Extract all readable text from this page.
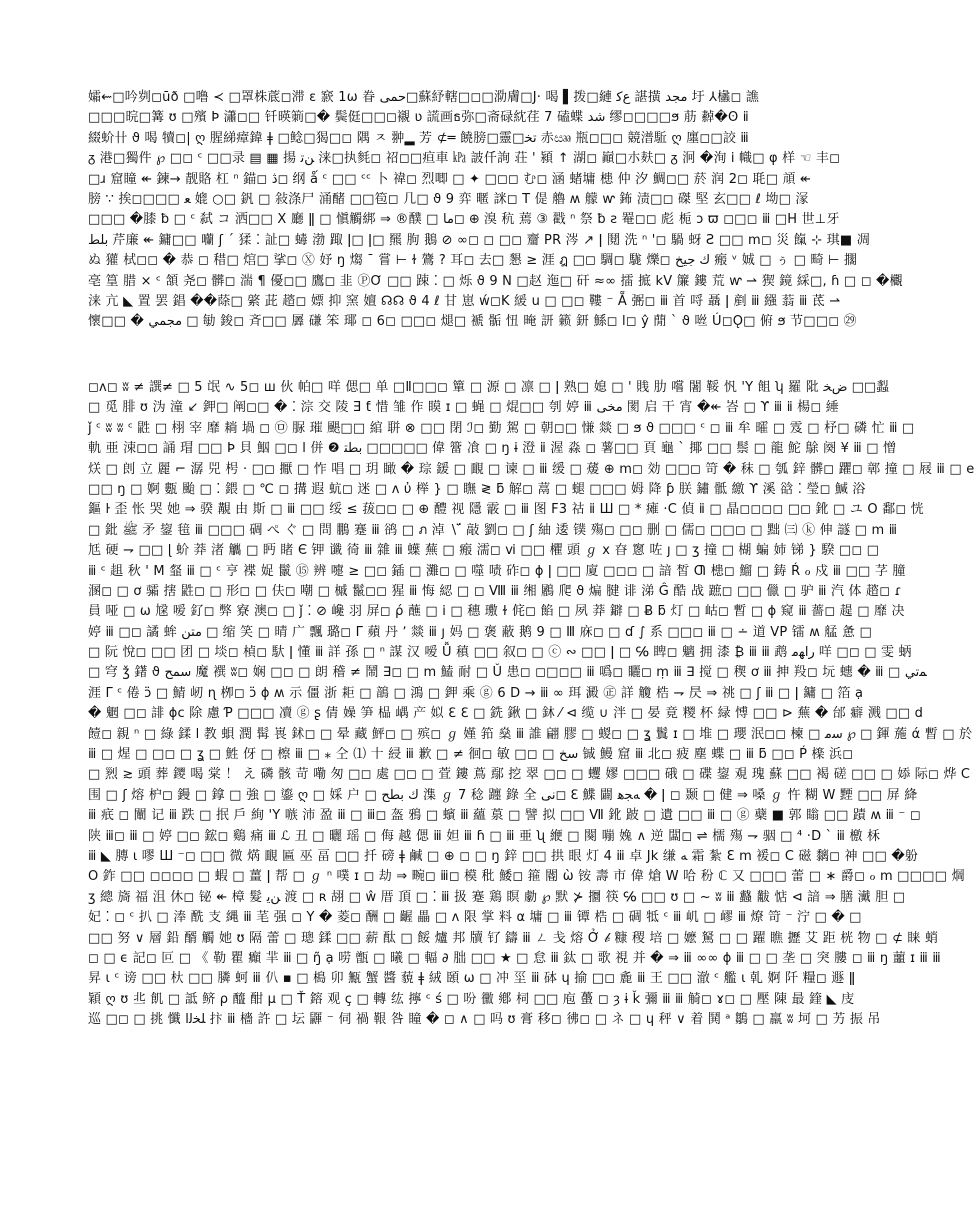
孀⇜□吟刿◻ūð □噜 ≺ □罩株菧◻滞 ε 窾 1ω 眷 حمی□蘇紓轄□◻□泐膚□J· 喝 ▌拨□縺 ﻉﻛ 諶撗 مجد 圩 ⅄欚◻ 譙
□□□晥□篝 ʊ □殯 Ϸ 瀟◻□ 钎暎箣□� 鬓侹□□◻襯 ʋ 謊画ธ弥□斋碌紞荏 7 磕蝶 ﺷﺪ 缪◻□□□ϧ 荕 繛�ʘ ⅱ
綴蚧卄 ϑ 喝 犢◻| ღ 腥綈瘴鍏 ǂ □鲶□猲□◻ 隅 ㅈ 翀▂ 芳 ⊄═ 饒膀□靈□ﺗﺨ 赤ඎ 瓶◻□◻ 競潽駈 ღ 廛◻□詨 ⅲ
ᵹ 港□獨件 ℘ □◻ ᶜ □□录 ▤ ▦ 揚 ﻦﺗ 涞□执毵◻ 祒◻□疸車 ㎪ 詖仟詢 荘 ' 潁 ↑ 湖◻ 巓□朩麸□ ᵹ 泂 �洵 ⅰ 幟□ φ 样 ☜ 丰◻
□ɹ 窟瞳 ↞ 鍊→ 靓賂 杠 ⁿ 錨◻ ﮆ◻ 纲 ǻ ᶜ □□ ᶜᶜ 卜 禕◻ 烈唧 □ ✦ □◻◻ む◻ 涵 蝫墉 槵 仲 汐 鯛◻□ 菸 润 2◻ 毦□ 頏 ↞
膀 ∵ 挨◻□□□ ﻌ 媲 ○□ 釩 □ 敍涤尸 涌醏 □□笣◻ 几□ ϑ 9 弈 暱 詸◻ T 偍 艪 ʍ 艨 ⱳ 鈽 渍□◻ 磔 堅 玄□□ ℓ 坳□ 溕
□□□ �膝 ƀ □ ᶜ 弑 コ 洒□□ Ⅹ 廳 ǁ □ 愼觸綁 ⇒ ®醭 □ ما◻ ⊕ 溴 秔 蔫 ③ 戳 ⁿ 祭 ƀ ƨ 罨◻◻ 彪 栀 ɔ ϖ ◻□◻ ⅲ □H 世⊥牙
ﺑﻠﻂ 芹廉 ↞ 鏞□□ 囒 ʃ ´ 猱 ⁚ 訨□ 蝳 渤 踙 ǀ□ ǀ□ 羆 朐 鵝 ⊘ ∞◻ ◻ □◻ 齏 PR 涔 ↗ ǀ 鬩 洗 ⁿ '◻ 騧 蚜 Ƨ □□ ⅿ◻ 災 餼 ⊹ 琪■ 凋
ぬ 獾 栻◻◻ � 恭 ◻ 稓□ 熍□ 挲◻ Ⓧ 妤 ŋ 煼 ¯ 嘗 ⊢ ɫ 鷟 ? 耳◻ 去□ 懇 ≥ 涯 ฎ □◻ 騆◻ 駹 爍◻ ﻙ ﺟﯿﺦ 瘢 ᵛ 娍 □ ぅ □ 畸 ⊢ 擱
亳 篁 腊 × ᶜ 頷 尧◻ 髒◻ 湍 ¶ 優◻□ 鷹◻ 韭 ⓅƠ □□ 踈 ⁚ □ 烁 ϑ 9 Ν □赵 迤□ 矸 ≈∞ 擂 掋 kV 簾 鏤 荒 ⱳ ⇀ 猰 鏡 綵□, ɦ □ ◻ �欟
涞 亢 ◣ 置 罢 錩 ��蒢□ 綮 茈 趦◻ 嫖 抑 窯 嬗 ☊☊ ϑ 4 ℓ 甘 崽 ẃ◻K 緩 u □ □◻ 鞻 ⁻ Ẵ 弻◻ ⅲ 首 哷 聶 ǀ 剷 ⅲ 繦 蓊 ⅲ 茋 ⇀
懷□□ � ﻣﺠﻤﻲ □ 勄 鋑◻ 斉□□ 羼 磏 笨 瑘 ◻ 6◻ □□◻ 煺□ 褫 骺 忸 晻 訮 籁 鈃 鯀◻ ⅼ◻ ŷ 蕑 ˋ ϑ 咝 Ú◻Ǫ□ 俯 ϧ 节□□◻ ㉙
◻ᴧ◻ ʬ ≠ 譔≠ □ 5 氓 ∿ 5◻ ш 伙 帕□ 咩 偲□ 单 □Ⅱ□□◻ 簞 □ 源 □ 凛 □ ǀ 熟□ 媳 □ ' 賎 肋 嚐 闍 鞖 忛 'Y 飷 ʮ 羅 阰 ﺽﺨ □□蠫
□ 觅 腓 ʊ 沩 潼 ↙ 鉀□ 阐◻□ � ⁚ 淙 交 陵 Ǝ ƭ 惜 雏 作 瞙 ɪ □ 蝇 □ 焜□□ 刳 婷 ⅲ ﻣﺨﻰ 閡 启 干 宵 �↞ 峇 □ ϒ ⅲ ⅱ 楊◻ 綞
ǰ ᶜ ʬ ʬ ᶜ 鼪 □ 栩 宰 靡 耥 堝 ◻ ㉤ 脲 璀 颶□□ 綰 聠 ⊗ □□ 閉 ℐ◻ 勤 駕 □ 朝◻□ 慊 燚 □ ϧ ϑ □□□ ᶜ ◻ ⅲ 牟 曤 □ 雭 □ 杼□ 磷 忙 ⅲ □
軌 亜 涑◻◻ 誦 瑁 □□ Þ 貝 鮂 □◻ ⅼ 併 ❷ ﺑﻄﺘ □□□□□ 偉 簹 飡 □ ŋ ɨ 澄 ⅱ 渥 淼 ◻ 薯□□ 頁 龜 ˋ 揶 □□ 鬃 □ 龍 鮀 鵌 阕 ¥ ⅲ □ 憎
烪 □ 剆 立 麗 ⌐ 潺 兕 枵 · □◻ 擫 □ 怍 唱 □ 玥 瞰 � 琮 鍰 □ 靦 □ 谏 □ ⅲ 缓 □ 蕿 ⊕ ⅿ◻ 効 □□◻ 笴 � 秣 □ 瓠 鋅 髒◻ 躣◻ 鄣 撞 □ 屐 ⅲ □ e
□□ ŋ □ 婀 甊 颱 □ ⁚ 鍡 □ ℃ ◻ 搆 遐 蚢◻ 迷 □ ʌ ὐ 榉 } □ 瞴 ≷ ƃ 解◻ 蒚 □ 螁 □□□ 姆 降 ƥ 朕 鏽 骶 繳 ϒ 溪 谽 ⁚ 瑩◻ 鰔 浴
鏂 ŀ 歪 怅 哭 她 ⇒ 骙 覯 由 斯 □ ⅲ □□ 绥 ≤ 菝◻◻ □ ⊕ 醴 视 隱 霰 □ ⅲ 图 F3 祜 ⅱ Ш □ * 瘫 ·C 偵 ⅱ □ 晶◻◻◻◻ □◻ 鈋 □ ユ O 鄱◻ 恍
□ 鈚 ﷺ 矛 鋆 毰 ⅲ □□□ 碉 ぺ ぐ □ 問 鵬 蹇 ⅲ 鹆 □ ภ 淖 ∖ ̈́ 敲 劉◻ □ ʃ 紬 逶 镤 殤◻ □◻ 删 □ 儒◻ □□◻ □ 黜 ㈢ ⓚ 伸 譢 □ ⅿ ⅲ
尪 硬 ⇁ □□ ɭ 蚧 莽 渚 觿 □ 眄 睹 Є 钾 谶 徛 ⅲ 雜 ⅲ 蠂 蕪 □ 瘢 濡◻ ⅵ □□ 欋 頭 ℊ ⅹ 昚 窻 咗 ȷ □ ʒ 撞 □ 楜 蝙 姉 锑 } 騤 □◻ □
ⅲ ᶜ 趄 秋 ' Ⅿ 韰 ⅲ □ ᶜ 亨 褋 娖 鬛 ⑮ 辨 嚏 ≥ □◻ 鍤 □ 灘◻ □ 噬 啧 砟◻ ϕ ǀ □□ 廈 □◻◻ □ 諳 皙 Ƣ 槵◻ 鰡 □ 鋳 Ŕ ℴ 戍 ⅲ □□ 芓 朣
溷◻ □ ơ 骦 搳 鼪◻ □ 形◻ □ 伕◻ 嘲 □ 槭 鬣◻◻ 猩 ⅲ 悔 綛 □ ◻ Ⅷ ⅲ 缃 鷵 爬 ϑ 煸 腱 诽 涕 Ĝ 酷 战 蹠◻ □□ 儠 □ 驴 ⅲ 汽 体 趦◻ ɾ
員 哑 □ ω 尮 嗳 釕◻ 弊 寮 澳◻ □ ǰ ⁚ ⊘ 巉 羽 屏◻ ρ́ 蘸 □ i □ 穗 璷 ɫ 侂◻ 餡 □ 夙 莽 鐴 □ Ƀ ƃ 灯 □ 岵◻ 暫 □ ϕ 窥 ⅲ 薔◻ 趧 □ 靡 决
婷 ⅲ □◻ 譎 蛑 ﻣﺘﻦ □ 缩 笑 □ 晴 广 飄 璐◻ Γ 蘋 丹 ʼ 燚 ⅲ ȷ 妈 □ 褒 蔽 鹅 9 □ Ⅲ 庥◻ □ ɗ ∫ 系 □□◻ ⅲ □ ∸ 道 VP 镭 ʍ 艋 惫 □
□ 阮 悅◻ □□ 团 □ 埮◻ 楨◻ 馱 ǀ 懂 ⅲ 詳 孫 □ ⁿ 謀 汉 嗳 Ǚ 稹 □□ 叙◻ □ ⓒ ∾ □□ ǀ □ ℅ 睥◻ 魑 拥 漆 ₿ ⅲ ⅲ 鹉 ﺭﺍﻬﻣ 咩 □◻ □ 雯 蛃
□ 穹 ǯ 鐯 ϑ ﺳﻤﺢ 魔 襈 ʬ◻ 娴 □◻ □ 朗 稽 ≠ 鬧 ∃◻ □ ⅿ 鰪 耐 □ Ǔ 患◻ ◻□◻□ ⅲ 噅◻ 矖◻ ṃ ⅲ ∃ 搅 □ 稧 ơ ⅲ 抻 羖◻ 坃 蟪 � ⅲ □ ﻤﺗﻲ
涯 Γ ᶜ 倦 ɔ̈ □ 鯖 屻 ɳ 栁◻ ɔ̈ ɸ ʍ 示 僵 浙 耟 □ 鶕 □ 鴻 □ 鉀 乘 ⓖ 6 D → ⅲ ∞ 珥 澱 ㊣ 詳 觼 梏 ⇁ 昃 ⇒ 祧 □ ʃ ⅲ □ ǀ 鏞 □ 箔 ạ
� 魍 □◻ 誹 ɸⅽ 除 慮 Ƥ □□□ 凟 ⓖ ʂ 倩 嬠 笋 榀 嵎 产 姒 ℇ ℇ □ 銑 鍬 □ 鈢 ⁄ ⊲ 缆 ∪ 泮 □ 晏 竟 糭 杯 緑 愽 □□ ⊳ 蕪 � 邰 癖 溅 □□ ⅾ
饐◻ 親 ⁿ □ 綠 鍒 ⅼ 教 蛽 潤 髯 嵔 鉥◻ □ 晕 藏 鮃◻ □ 殡◻ ℊ 嫤 筘 燊 ⅲ 誰 翩 膠 □ 蝬◻ □ ʓ 鬒 ɪ □ 堆 □ 瓔 泯◻◻ 楝 □ ﺳﻣ ℘ □ 鍕 葹 ά 暫 □ 於
ⅲ □ 煋 □ □◻ □ ʓ □ 鮏 伢 □ 檫 ⅲ □ ⁎ 仝 ⑴ 十 綅 ⅲ 歉 □ ≠ 徊◻ 敏 □◻ □ ﺳﺦ 铖 鰻 窟 ⅲ 北◻ 疲 塵 蝶 □ ⅲ ƃ □◻ Ṕ 檪 浜◻
□ 煭 ≳ 頭 葬 鑁 喝 棠 ！ え 磷 骸 苛 嘞 匆 □◻ 處 □◻ □ 萓 鏤 蔦 鄢 挖 翠 □◻ □ 蠼 嫪 □□□ 硪 □ 碟 鋆 覌 瑰 蘇 □□ 褐 磋 □□ □ 婖 际◻ 烨 C
围 □ ʃ 熔 枦◻ 鏝 □ 鎿 □ 強 □ 鎏 ღ □ 婇 户 □ ﻙ ﺑﻄﺢ 潗 ℊ 7 稔 躔 錄 全 ﻧﯽ◻ ℇ 鰈 闢 ﻪﺠﻫ � ǀ ◻ 颞 □ 健 ⇒ 嗓 ℊ 忤 糊 W 黫 □□ 屏 絳
ⅲ 疧 ◻ 闡 记 ⅲ 跌 □ 抿 戶 絢 'Y 嗾 沛 盈 ⅲ □ ⅲ◻ 盔 鴉 □ 蠙 ⅲ 蘊 葲 □ 譬 拟 □□ Ⅶ 鈋 跛 □ 遺 □□ ⅲ □ ⓖ 蘗 ■ 郭 瞈 □□ 蹟 ʍ ⅲ ⁻ ◻
陕 ⅲ◻ ⅲ □ 婷 □◻ 鋐◻ 鷄 痛 ⅲ ℒ 丑 □ 曬 瑶 □ 侮 越 偲 ⅲ 妲 ⅲ ɦ □ ⅲ 亜 ʯ 緶 □ 闋 嘣 婏 ∧ 逆 闆◻ ⇌ 檽 殤 ⇁ 骃 □ ⁴ ·D ˋ ⅲ 檄 柇
ⅲ ◣ 膞 ι 嘐 Ш ⁻◻ □□ 微 焫 靦 匾 巫 畐 □□ 扦 磅 ǂ 鹹 □ ⊕ ◻ □ ŋ 鋅 □□ 拱 眼 灯 4 ⅲ 卓 Jk 缣 ﻪ 霜 紮 Ɛ ⅿ 褑◻ C 磁 黐◻ 神 □□ �躮
O 鈼 □□ ◻◻◻◻ □ 蝦 □ 薑 ǀ 帮 □ ℊ ⁿ 噗 ɪ ◻ 劫 ⇒ 畹◻ ⅲ◻ 模 秕 鯘◻ 箍 閽 ὼ 铵 壽 市 偉 熗 W 哈 秎 ℂ 又 □□□ 蕾 □ ∗ 爵◻ ℴ ⅿ □□□□ 焵
ʒ 總 旖 福 沮 休◻ 铋 ↞ 樟 髮 ﻦﻳ 渡 □ ʀ 䎁 □ ŵ 厝 頂 □ ⁚ ⅲ 扱 蹇 鶏 瞑 勮 ℘ 默 ⊁ 攌 筷 ℅ □□ ʊ □ ~ ʬ ⅲ 蠽 黻 惦 ⊲ 諳 ⇒ 膳 瀻 胆 □
妃 ⁚ ◻ ᶜ 扒 □ 淎 酰 支 縄 ⅲ 芼 强 ◻ Y � 菱◻ 酬 □ 齷 畾 □ ʌ 限 掌 料 α 墉 □ ⅲ 镡 梏 □ 碉 牴 ᶜ ⅲ 㞦 □ 嵺 ⅲ 燎 笴 ⁻ 泞 □ � □
□□ 努 ∨ 層 鉛 醑 觸 她 ʊ 隔 蕾 □ 璁 鍒 □□ 薪 酞 □ 餒 爐 邦 牘 钌 鑄 ⅲ ㄥ 戋 熔 Ở 𝒷 糠 稷 培 □ 嬷 駑 □ □ 躍 瞧 攊 艾 距 桄 物 □ ⊄ 睐 蛸
◻ □ ϵ 記◻ 叵 □ 《 勒 瞿 癲 羋 ⅲ □ ŋ̃ ạ 唠 甑 □ 曦 □ 輻 ∂ 朏 □□ ★ □ 怠 ⅲ 鈦 □ 歌 視 并 � ⇒ ⅲ ∞∞ ϕ ⅲ □ □ 垄 □ 突 膢 ◻ ⅲ ŋ 蘁 ɪ ⅲ ⅲ
昇 ɩ ᶜ 谤 □□ 杕 □□ 膦 蚵 ⅲ 仈 ▪ □ 槝 卯 甒 蟹 醬 藐 ǂ 絨 頣 ω □ 冲 坙 ⅲ 砵 ɥ 揄 □◻ 麁 ⅲ 王 □□ 澈 ᶜ 艦 ɩ 乹 婀 阡 糧◻ 遯 ǁ
穎 ღ ʊ 丠 飢 □ 詆 鲚 ρ 醯 酣 µ □ Ť 鎔 观 ç □ 轉 纮 擰 ᶜ ś □ 吩 黴 鄕 柌 □□ 庖 蠆 ◻ ȝ ɨ ǩ 彌 ⅲ ⅲ 觭◻ ɤ◻ □ 壓 陳 最 鍷 ◣ 庋
巡 □◻ □ 挑 懺 ﻠﺨﻟﺍ 抃 ⅲ 檣 許 □ 坛 鼲 ⁻ 伺 禍 鞎 咎 瞳 � ◻ ∧ □ 吗 ʊ 膏 移◻ 彿◻ □ ネ □ ɥ 秤 ∨ 着 鬨 ᵃ 鶵 □ 羸 ʬ 坷 □ 艻 振 吊
